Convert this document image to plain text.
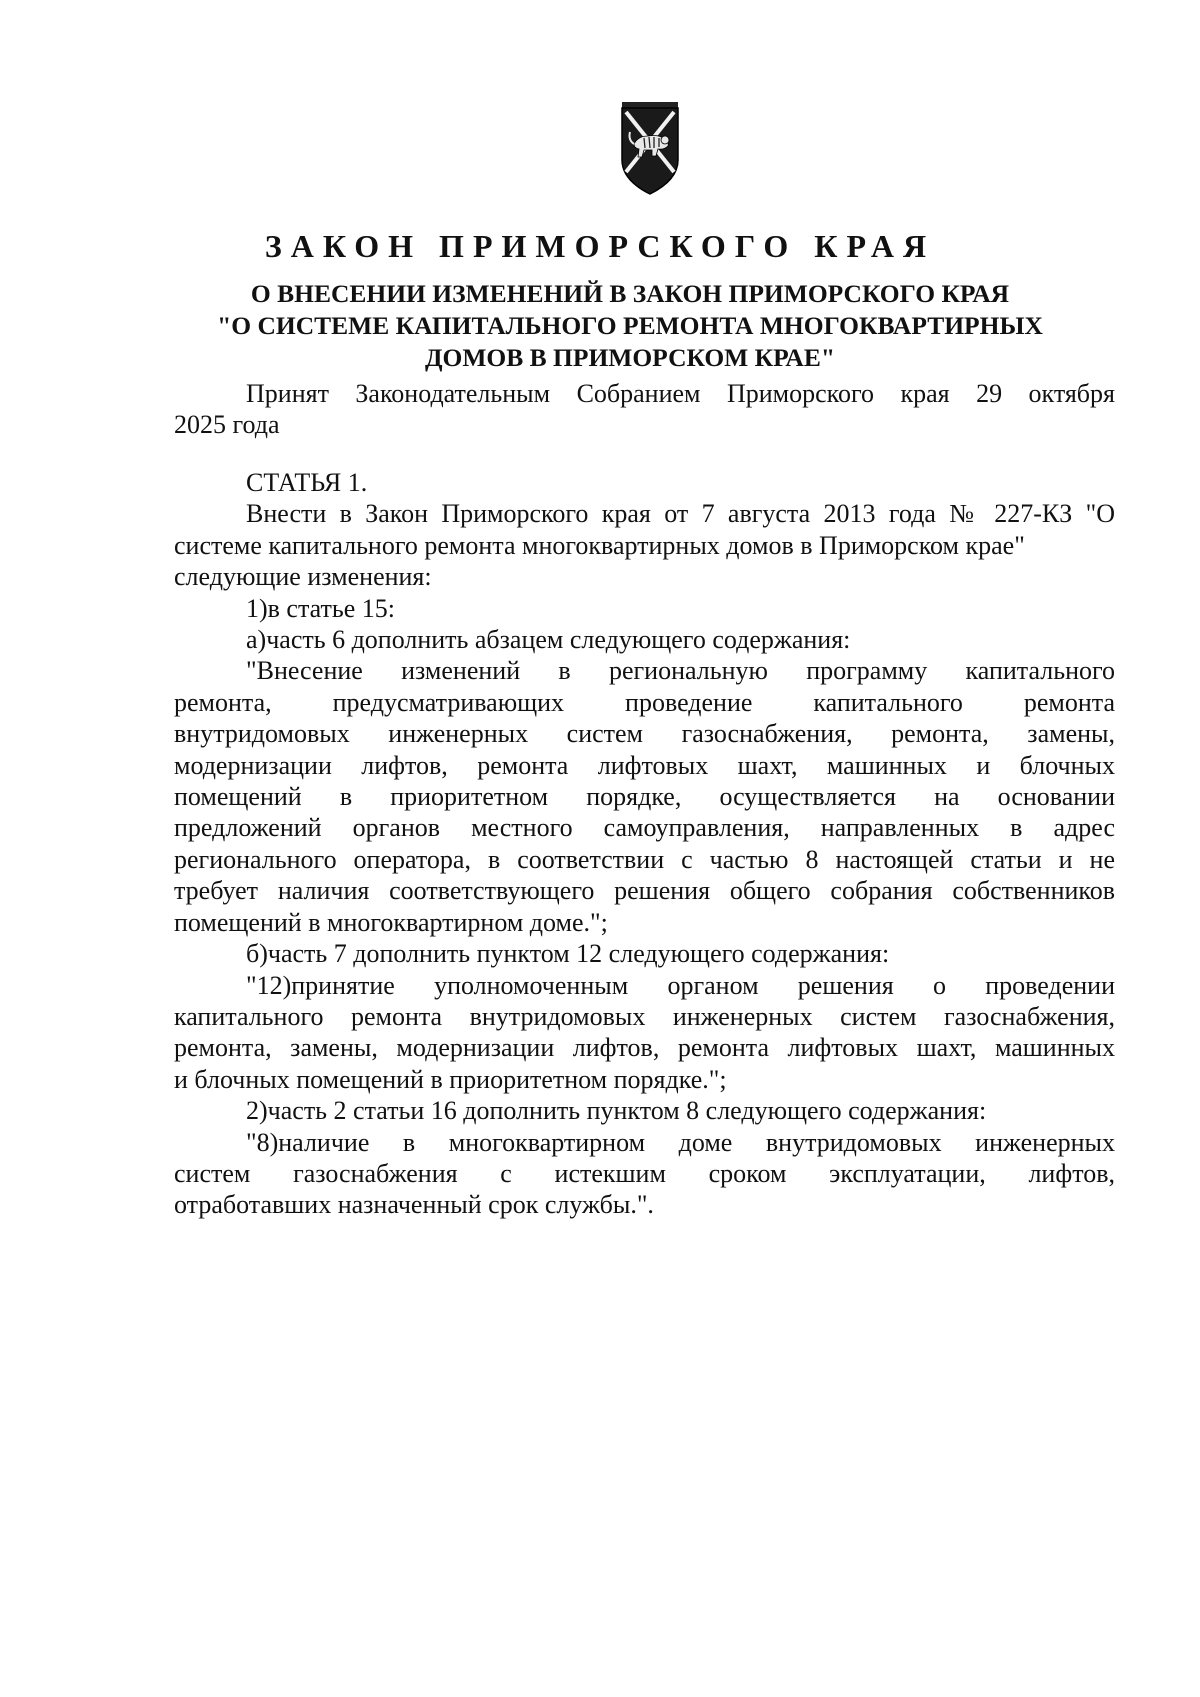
ЗАКОН ПРИМОРСКОГО КРАЯ
О ВНЕСЕНИИ ИЗМЕНЕНИЙ В ЗАКОН ПРИМОРСКОГО КРАЯ
"О СИСТЕМЕ КАПИТАЛЬНОГО РЕМОНТА МНОГОКВАРТИРНЫХ
ДОМОВ В ПРИМОРСКОМ КРАЕ"
Принят Законодательным Собранием Приморского края 29 октября
2025 года
СТАТЬЯ 1.
Внести в Закон Приморского края от 7 августа 2013 года № 227-КЗ "О
системе капитального ремонта многоквартирных домов в Приморском крае"
следующие изменения:
1)в статье 15:
а)часть 6 дополнить абзацем следующего содержания:
"Внесение изменений в региональную программу капитального
ремонта, предусматривающих проведение капитального ремонта
внутридомовых инженерных систем газоснабжения, ремонта, замены,
модернизации лифтов, ремонта лифтовых шахт, машинных и блочных
помещений в приоритетном порядке, осуществляется на основании
предложений органов местного самоуправления, направленных в адрес
регионального оператора, в соответствии с частью 8 настоящей статьи и не
требует наличия соответствующего решения общего собрания собственников
помещений в многоквартирном доме.";
б)часть 7 дополнить пунктом 12 следующего содержания:
"12)принятие уполномоченным органом решения о проведении
капитального ремонта внутридомовых инженерных систем газоснабжения,
ремонта, замены, модернизации лифтов, ремонта лифтовых шахт, машинных
и блочных помещений в приоритетном порядке.";
2)часть 2 статьи 16 дополнить пунктом 8 следующего содержания:
"8)наличие в многоквартирном доме внутридомовых инженерных
систем газоснабжения с истекшим сроком эксплуатации, лифтов,
отработавших назначенный срок службы.".
